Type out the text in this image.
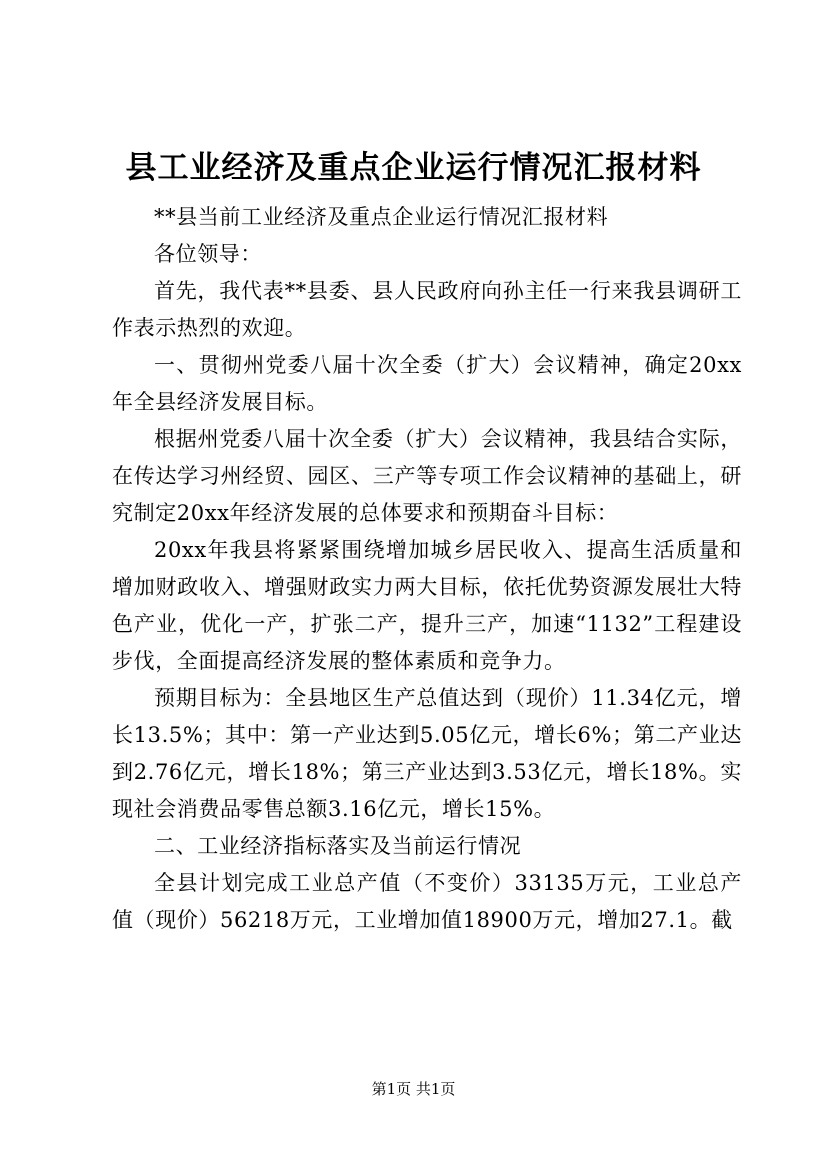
县工业经济及重点企业运行情况汇报材料

**县当前工业经济及重点企业运行情况汇报材料

各位领导：

首先，我代表**县委、县人民政府向孙主任一行来我县调研工作表示热烈的欢迎。

一、贯彻州党委八届十次全委（扩大）会议精神，确定20xx年全县经济发展目标。

根据州党委八届十次全委（扩大）会议精神，我县结合实际，在传达学习州经贸、园区、三产等专项工作会议精神的基础上，研究制定20xx年经济发展的总体要求和预期奋斗目标：

20xx年我县将紧紧围绕增加城乡居民收入、提高生活质量和增加财政收入、增强财政实力两大目标，依托优势资源发展壮大特色产业，优化一产，扩张二产，提升三产，加速“1132”工程建设步伐，全面提高经济发展的整体素质和竞争力。

预期目标为：全县地区生产总值达到（现价）11.34亿元，增长13.5%；其中：第一产业达到5.05亿元，增长6%；第二产业达到2.76亿元，增长18%；第三产业达到3.53亿元，增长18%。实现社会消费品零售总额3.16亿元，增长15%。

二、工业经济指标落实及当前运行情况

全县计划完成工业总产值（不变价）33135万元，工业总产值（现价）56218万元，工业增加值18900万元，增加27.1。截

第1页 共1页
